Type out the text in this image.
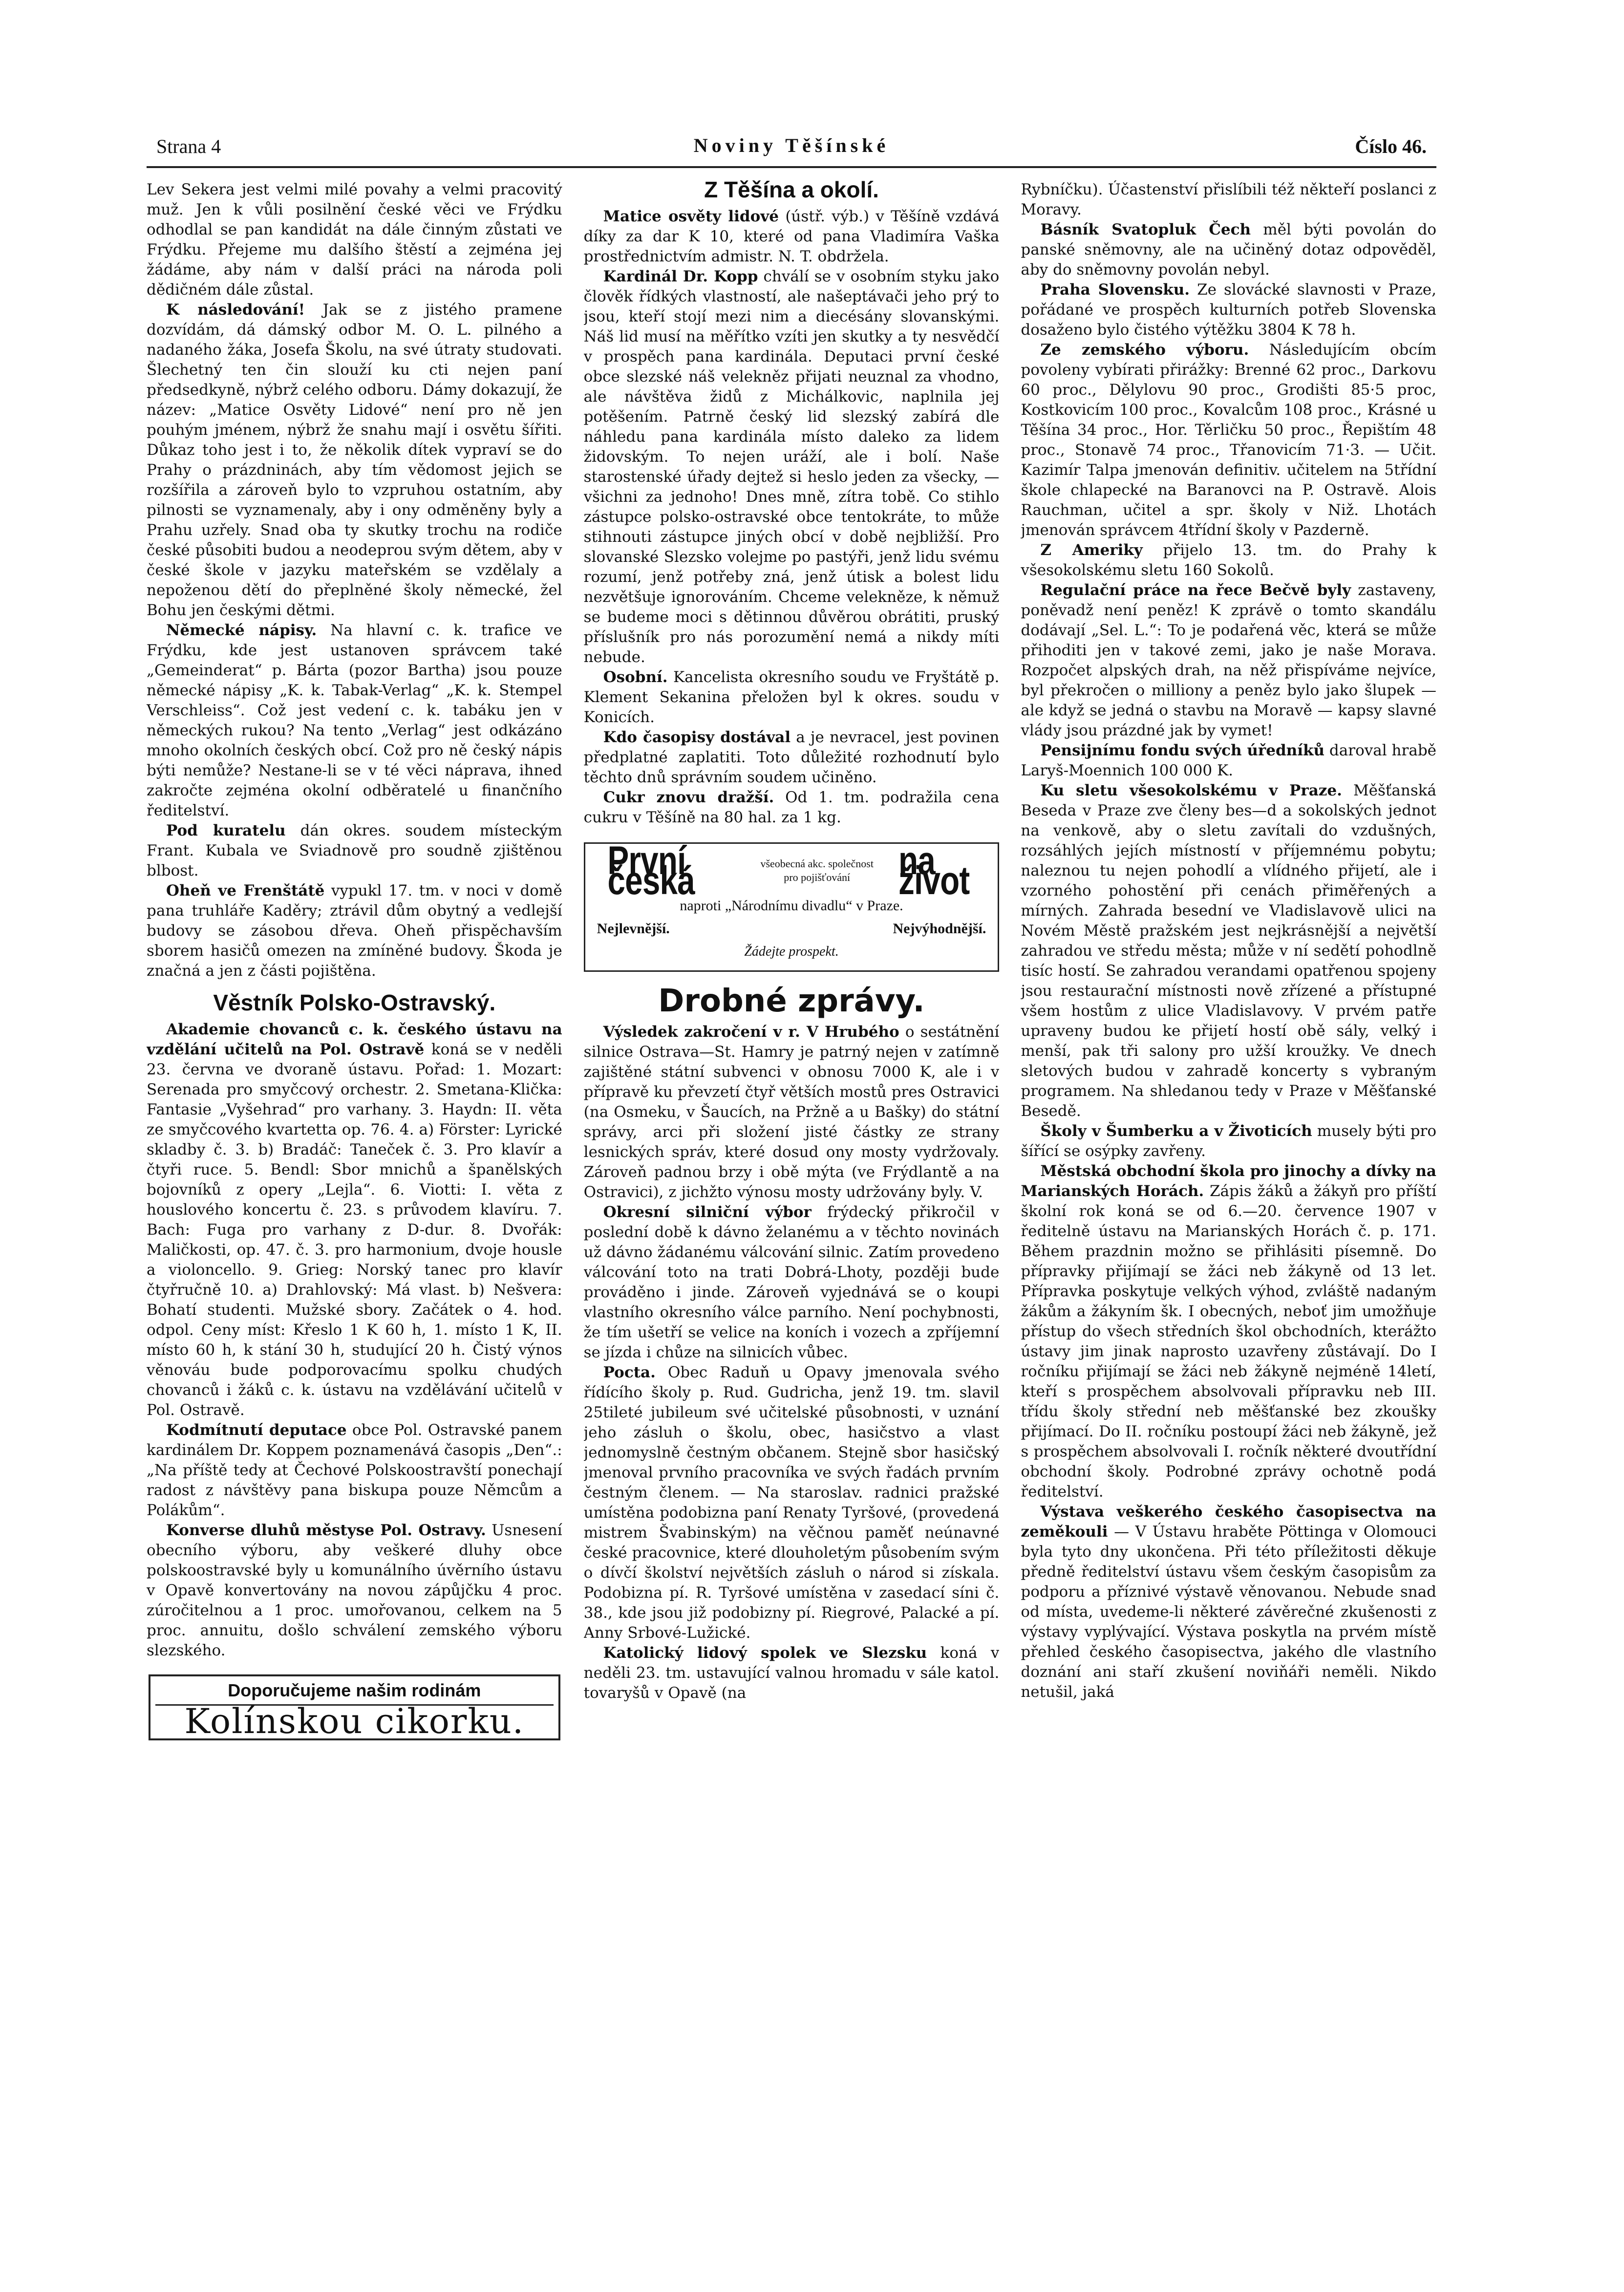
Strana 4	Noviny Těšínské	Číslo 46.

Lev Sekera jest velmi milé povahy a velmi pracovitý muž. Jen k vůli posilnění české věci ve Frýdku odhodlal se pan kandidát na dále činným zůstati ve Frýdku. Přejeme mu dalšího štěstí a zejména jej žádáme, aby nám v další práci na národa poli dědičném dále zůstal.

K následování! Jak se z jistého pramene dozvídám, dá dámský odbor M. O. L. pilného a nadaného žáka, Josefa Školu, na své útraty studovati. Šlechetný ten čin slouží ku cti nejen paní předsedkyně, nýbrž celého odboru. Dámy dokazují, že název: „Matice Osvěty Lidové“ není pro ně jen pouhým jménem, nýbrž že snahu mají i osvětu šířiti. Důkaz toho jest i to, že několik dítek vypraví se do Prahy o prázdninách, aby tím vědomost jejich se rozšířila a zároveň bylo to vzpruhou ostatním, aby pilnosti se vyznamenaly, aby i ony odměněny byly a Prahu uzřely. Snad oba ty skutky trochu na rodiče české působiti budou a neodeprou svým dětem, aby v české škole v jazyku mateřském se vzdělaly a nepoženou dětí do přeplněné školy německé, žel Bohu jen českými dětmi.

Německé nápisy. Na hlavní c. k. trafice ve Frýdku, kde jest ustanoven správcem také „Gemeinderat“ p. Bárta (pozor Bartha) jsou pouze německé nápisy „K. k. Tabak-Verlag“ „K. k. Stempel Verschleiss“. Což jest vedení c. k. tabáku jen v německých rukou? Na tento „Verlag“ jest odkázáno mnoho okolních českých obcí. Což pro ně český nápis býti nemůže? Nestane-li se v té věci náprava, ihned zakročte zejména okolní odběratelé u finančního ředitelství.

Pod kuratelu dán okres. soudem místeckým Frant. Kubala ve Sviadnově pro soudně zjištěnou blbost.

Oheň ve Frenštátě vypukl 17. tm. v noci v domě pana truhláře Kaděry; ztrávil dům obytný a vedlejší budovy se zásobou dřeva. Oheň přispěchavším sborem hasičů omezen na zmíněné budovy. Škoda je značná a jen z části pojištěna.

Věstník Polsko-Ostravský.

Akademie chovanců c. k. českého ústavu na vzdělání učitelů na Pol. Ostravě koná se v neděli 23. června ve dvoraně ústavu. Pořad: 1. Mozart: Serenada pro smyčcový orchestr. 2. Smetana-Klička: Fantasie „Vyšehrad“ pro varhany. 3. Haydn: II. věta ze smyčcového kvartetta op. 76. 4. a) Förster: Lyrické skladby č. 3. b) Bradáč: Taneček č. 3. Pro klavír a čtyři ruce. 5. Bendl: Sbor mnichů a španělských bojovníků z opery „Lejla“. 6. Viotti: I. věta z houslového koncertu č. 23. s průvodem klavíru. 7. Bach: Fuga pro varhany z D-dur. 8. Dvořák: Maličkosti, op. 47. č. 3. pro harmonium, dvoje housle a violoncello. 9. Grieg: Norský tanec pro klavír čtyřručně 10. a) Drahlovský: Má vlast. b) Nešvera: Bohatí studenti. Mužské sbory. Začátek o 4. hod. odpol. Ceny míst: Křeslo 1 K 60 h, 1. místo 1 K, II. místo 60 h, k stání 30 h, studující 20 h. Čistý výnos věnováu bude podporovacímu spolku chudých chovanců i žáků c. k. ústavu na vzdělávání učitelů v Pol. Ostravě.

Kodmítnutí deputace obce Pol. Ostravské panem kardinálem Dr. Koppem poznamenává časopis „Den“.: „Na příště tedy at Čechové Polskoostravští ponechají radost z návštěvy pana biskupa pouze Němcům a Polákům“.

Konverse dluhů městyse Pol. Ostravy. Usnesení obecního výboru, aby veškeré dluhy obce polskoostravské byly u komunálního úvěrního ústavu v Opavě konvertovány na novou zápůjčku 4 proc. zúročitelnou a 1 proc. umořovanou, celkem na 5 proc. annuitu, došlo schválení zemského výboru slezského.

Doporučujeme našim rodinám
Kolínskou cikorku.
Z Těšína a okolí.

Matice osvěty lidové (ústř. výb.) v Těšíně vzdává díky za dar K 10, které od pana Vladimíra Vaška prostřednictvím admistr. N. T. obdržela.

Kardinál Dr. Kopp chválí se v osobním styku jako člověk řídkých vlastností, ale našeptávači jeho prý to jsou, kteří stojí mezi nim a diecésány slovanskými. Náš lid musí na měřítko vzíti jen skutky a ty nesvědčí v prospěch pana kardinála. Deputaci první české obce slezské náš velekněz přijati neuznal za vhodno, ale návštěva židů z Michálkovic, naplnila jej potěšením. Patrně český lid slezský zabírá dle náhledu pana kardinála místo daleko za lidem židovským. To nejen uráží, ale i bolí. Naše starostenské úřady dejtež si heslo jeden za všecky, — všichni za jednoho! Dnes mně, zítra tobě. Co stihlo zástupce polsko-ostravské obce tentokráte, to může stihnouti zástupce jiných obcí v době nejbližší. Pro slovanské Slezsko volejme po pastýři, jenž lidu svému rozumí, jenž potřeby zná, jenž útisk a bolest lidu nezvětšuje ignorováním. Chceme velekněze, k němuž se budeme moci s dětinnou důvěrou obrátiti, pruský příslušník pro nás porozumění nemá a nikdy míti nebude.

Osobní. Kancelista okresního soudu ve Fryštátě p. Klement Sekanina přeložen byl k okres. soudu v Konicích.

Kdo časopisy dostával a je nevracel, jest povinen předplatné zaplatiti. Toto důležité rozhodnutí bylo těchto dnů správním soudem učiněno.

Cukr znovu dražší. Od 1. tm. podražila cena cukru v Těšíně na 80 hal. za 1 kg.

První česká	všeobecná akc. společnost pro pojišťování	na život
naproti „Národnímu divadlu“ v Praze.
Nejlevnější.	Nejvýhodnější.
Žádejte prospekt.
Drobné zprávy.

Výsledek zakročení v r. V Hrubého o sestátnění silnice Ostrava—St. Hamry je patrný nejen v zatímně zajištěné státní subvenci v obnosu 7000 K, ale i v přípravě ku převzetí čtyř větších mostů pres Ostravici (na Osmeku, v Šaucích, na Pržně a u Bašky) do státní správy, arci při složení jisté částky ze strany lesnických správ, které dosud ony mosty vydržovaly. Zároveň padnou brzy i obě mýta (ve Frýdlantě a na Ostravici), z jichžto výnosu mosty udržovány byly. V.

Okresní silniční výbor frýdecký přikročil v poslední době k dávno želanému a v těchto novinách už dávno žádanému válcování silnic. Zatím provedeno válcování toto na trati Dobrá-Lhoty, později bude prováděno i jinde. Zároveň vyjednává se o koupi vlastního okresního válce parního. Není pochybnosti, že tím ušetří se velice na koních i vozech a zpříjemní se jízda i chůze na silnicích vůbec.

Pocta. Obec Raduň u Opavy jmenovala svého řídícího školy p. Rud. Gudricha, jenž 19. tm. slavil 25tileté jubileum své učitelské působnosti, v uznání jeho zásluh o školu, obec, hasičstvo a vlast jednomyslně čestným občanem. Stejně sbor hasičský jmenoval prvního pracovníka ve svých řadách prvním čestným členem. — Na staroslav. radnici pražské umístěna podobizna paní Renaty Tyršové, (provedená mistrem Švabinským) na věčnou paměť neúnavné české pracovnice, které dlouholetým působením svým o dívčí školství největších zásluh o národ si získala. Podobizna pí. R. Tyršové umístěna v zasedací síni č. 38., kde jsou již podobizny pí. Riegrové, Palacké a pí. Anny Srbové-Lužické.

Katolický lidový spolek ve Slezsku koná v neděli 23. tm. ustavující valnou hromadu v sále katol. tovaryšů v Opavě (na

Rybníčku). Účastenství přislíbili též někteří poslanci z Moravy.

Básník Svatopluk Čech měl býti povolán do panské sněmovny, ale na učiněný dotaz odpověděl, aby do sněmovny povolán nebyl.

Praha Slovensku. Ze slovácké slavnosti v Praze, pořádané ve prospěch kulturních potřeb Slovenska dosaženo bylo čistého výtěžku 3804 K 78 h.

Ze zemského výboru. Následujícím obcím povoleny vybírati přirážky: Brenné 62 proc., Darkovu 60 proc., Dělylovu 90 proc., Grodišti 85·5 proc, Kostkovicím 100 proc., Kovalcům 108 proc., Krásné u Těšína 34 proc., Hor. Těrličku 50 proc., Řepištím 48 proc., Stonavě 74 proc., Třanovicím 71·3. — Učit. Kazimír Talpa jmenován definitiv. učitelem na 5třídní škole chlapecké na Baranovci na P. Ostravě. Alois Rauchman, učitel a spr. školy v Niž. Lhotách jmenován správcem 4třídní školy v Pazderně.

Z Ameriky přijelo 13. tm. do Prahy k všesokolskému sletu 160 Sokolů.

Regulační práce na řece Bečvě byly zastaveny, poněvadž není peněz! K zprávě o tomto skandálu dodávají „Sel. L.“: To je podařená věc, která se může přihoditi jen v takové zemi, jako je naše Morava. Rozpočet alpských drah, na něž přispíváme nejvíce, byl překročen o milliony a peněz bylo jako šlupek — ale když se jedná o stavbu na Moravě — kapsy slavné vlády jsou prázdné jak by vymet!

Pensijnímu fondu svých úředníků daroval hrabě Laryš-Moennich 100 000 K.

Ku sletu všesokolskému v Praze. Měšťanská Beseda v Praze zve členy bes—d a sokolských jednot na venkově, aby o sletu zavítali do vzdušných, rozsáhlých jejích místností v příjemnému pobytu; naleznou tu nejen pohodlí a vlídného přijetí, ale i vzorného pohostění při cenách přiměřených a mírných. Zahrada besední ve Vladislavově ulici na Novém Městě pražském jest nejkrásnější a největší zahradou ve středu města; může v ní sedětí pohodlně tisíc hostí. Se zahradou verandami opatřenou spojeny jsou restaurační místnosti nově zřízené a přístupné všem hostům z ulice Vladislavovy. V prvém patře upraveny budou ke přijetí hostí obě sály, velký i menší, pak tři salony pro užší kroužky. Ve dnech sletových budou v zahradě koncerty s vybraným programem. Na shledanou tedy v Praze v Měšťanské Besedě.

Školy v Šumberku a v Životicích musely býti pro šířící se osýpky zavřeny.

Městská obchodní škola pro jinochy a dívky na Marianských Horách. Zápis žáků a žákyň pro příští školní rok koná se od 6.—20. července 1907 v ředitelně ústavu na Marianských Horách č. p. 171. Během prazdnin možno se přihlásiti písemně. Do přípravky přijímají se žáci neb žákyně od 13 let. Přípravka poskytuje velkých výhod, zvláště nadaným žákům a žákyním šk. I obecných, neboť jim umožňuje přístup do všech středních škol obchodních, kterážto ústavy jim jinak naprosto uzavřeny zůstávají. Do I ročníku přijímají se žáci neb žákyně nejméně 14letí, kteří s prospěchem absolvovali přípravku neb III. třídu školy střední neb měšťanské bez zkoušky přijímací. Do II. ročníku postoupí žáci neb žákyně, jež s prospěchem absolvovali I. ročník některé dvoutřídní obchodní školy. Podrobné zprávy ochotně podá ředitelství.

Výstava veškerého českého časopisectva na zeměkouli — V Ústavu hraběte Pöttinga v Olomouci byla tyto dny ukončena. Při této příležitosti děkuje předně ředitelství ústavu všem českým časopisům za podporu a příznivé výstavě věnovanou. Nebude snad od místa, uvedeme-li některé závěrečné zkušenosti z výstavy vyplývající. Výstava poskytla na prvém místě přehled českého časopisectva, jakého dle vlastního doznání ani staří zkušení noviňáři neměli. Nikdo netušil, jaká
